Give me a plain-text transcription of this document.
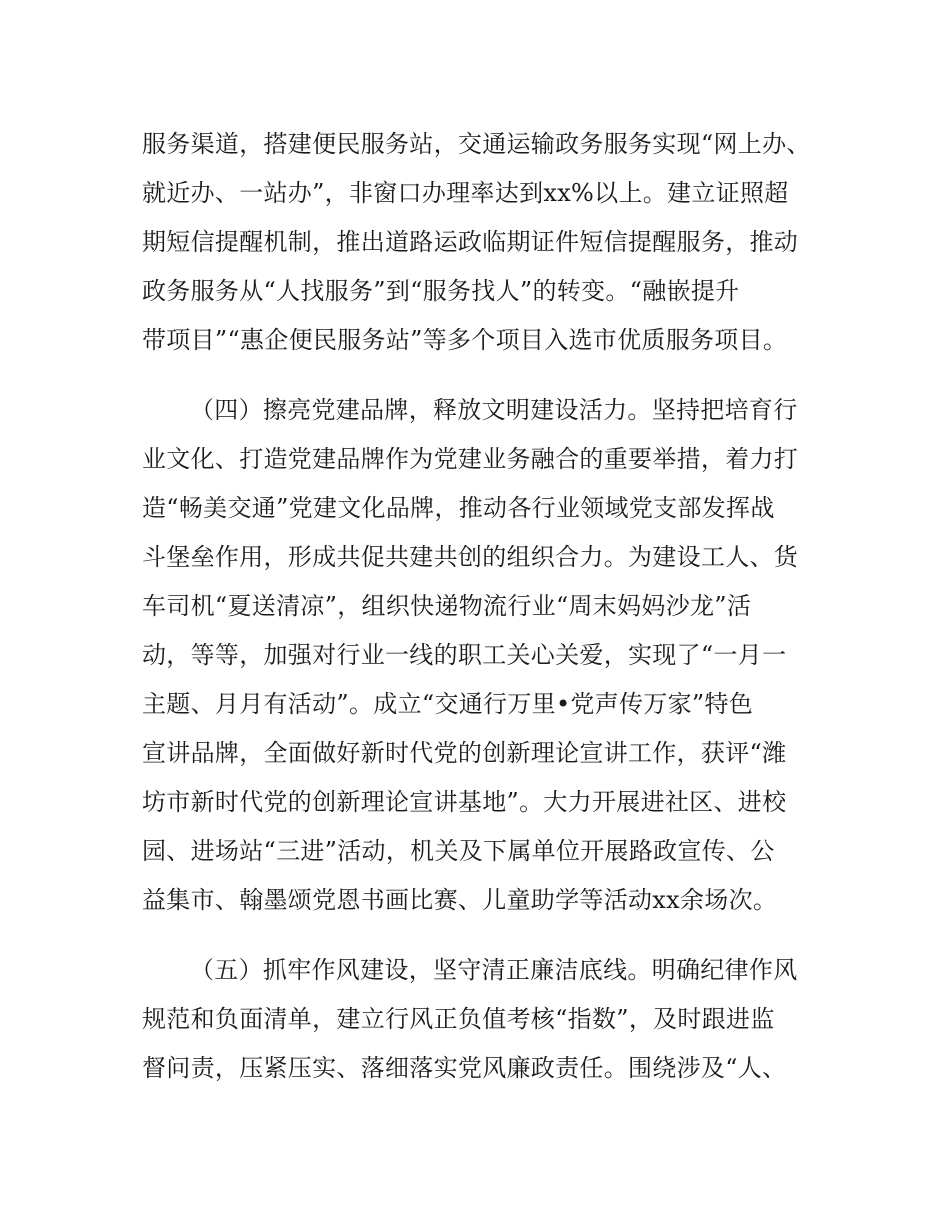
服务渠道，搭建便民服务站，交通运输政务服务实现“网上办、
就近办、一站办”，非窗口办理率达到xx%以上。建立证照超
期短信提醒机制，推出道路运政临期证件短信提醒服务，推动
政务服务从“人找服务”到“服务找人”的转变。“融嵌提升
带项目”“惠企便民服务站”等多个项目入选市优质服务项目。
（四）擦亮党建品牌，释放文明建设活力。坚持把培育行
业文化、打造党建品牌作为党建业务融合的重要举措，着力打
造“畅美交通”党建文化品牌，推动各行业领域党支部发挥战
斗堡垒作用，形成共促共建共创的组织合力。为建设工人、货
车司机“夏送清凉”，组织快递物流行业“周末妈妈沙龙”活
动，等等，加强对行业一线的职工关心关爱，实现了“一月一
主题、月月有活动”。成立“交通行万里•党声传万家”特色
宣讲品牌，全面做好新时代党的创新理论宣讲工作，获评“潍
坊市新时代党的创新理论宣讲基地”。大力开展进社区、进校
园、进场站“三进”活动，机关及下属单位开展路政宣传、公
益集市、翰墨颂党恩书画比赛、儿童助学等活动xx余场次。
（五）抓牢作风建设，坚守清正廉洁底线。明确纪律作风
规范和负面清单，建立行风正负值考核“指数”，及时跟进监
督问责，压紧压实、落细落实党风廉政责任。围绕涉及“人、
